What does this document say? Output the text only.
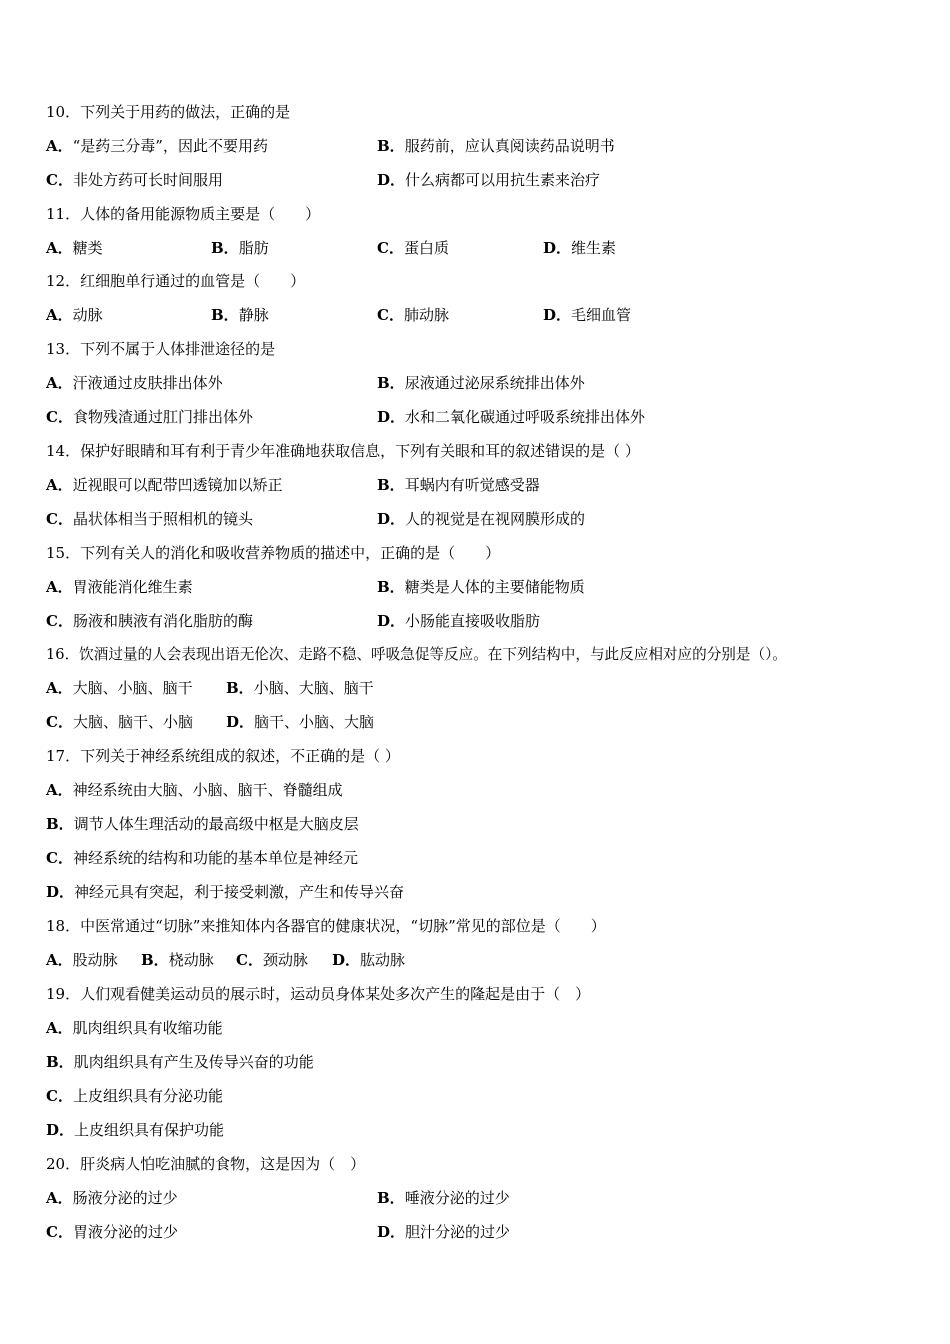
10．下列关于用药的做法，正确的是
A．“是药三分毒”，因此不要用药	B．服药前，应认真阅读药品说明书
C．非处方药可长时间服用	D．什么病都可以用抗生素来治疗
11．人体的备用能源物质主要是（　　）
A．糖类	B．脂肪	C．蛋白质	D．维生素
12．红细胞单行通过的血管是（　　）
A．动脉	B．静脉	C．肺动脉	D．毛细血管
13．下列不属于人体排泄途径的是
A．汗液通过皮肤排出体外	B．尿液通过泌尿系统排出体外
C．食物残渣通过肛门排出体外	D．水和二氧化碳通过呼吸系统排出体外
14．保护好眼睛和耳有利于青少年准确地获取信息，下列有关眼和耳的叙述错误的是（ ）
A．近视眼可以配带凹透镜加以矫正	B．耳蜗内有听觉感受器
C．晶状体相当于照相机的镜头	D．人的视觉是在视网膜形成的
15．下列有关人的消化和吸收营养物质的描述中，正确的是（　　）
A．胃液能消化维生素	B．糖类是人体的主要储能物质
C．肠液和胰液有消化脂肪的酶	D．小肠能直接吸收脂肪
16．饮酒过量的人会表现出语无伦次、走路不稳、呼吸急促等反应。在下列结构中，与此反应相对应的分别是（）。
A．大脑、小脑、脑干 B．小脑、大脑、脑干
C．大脑、脑干、小脑 D．脑干、小脑、大脑
17．下列关于神经系统组成的叙述，不正确的是（ ）
A．神经系统由大脑、小脑、脑干、脊髓组成
B．调节人体生理活动的最高级中枢是大脑皮层
C．神经系统的结构和功能的基本单位是神经元
D．神经元具有突起，利于接受刺激，产生和传导兴奋
18．中医常通过“切脉”来推知体内各器官的健康状况，“切脉”常见的部位是（　　）
A．股动脉 B．桡动脉 C．颈动脉 D．肱动脉
19．人们观看健美运动员的展示时，运动员身体某处多次产生的隆起是由于（　）
A．肌肉组织具有收缩功能
B．肌肉组织具有产生及传导兴奋的功能
C．上皮组织具有分泌功能
D．上皮组织具有保护功能
20．肝炎病人怕吃油腻的食物，这是因为（　）
A．肠液分泌的过少	B．唾液分泌的过少
C．胃液分泌的过少	D．胆汁分泌的过少
